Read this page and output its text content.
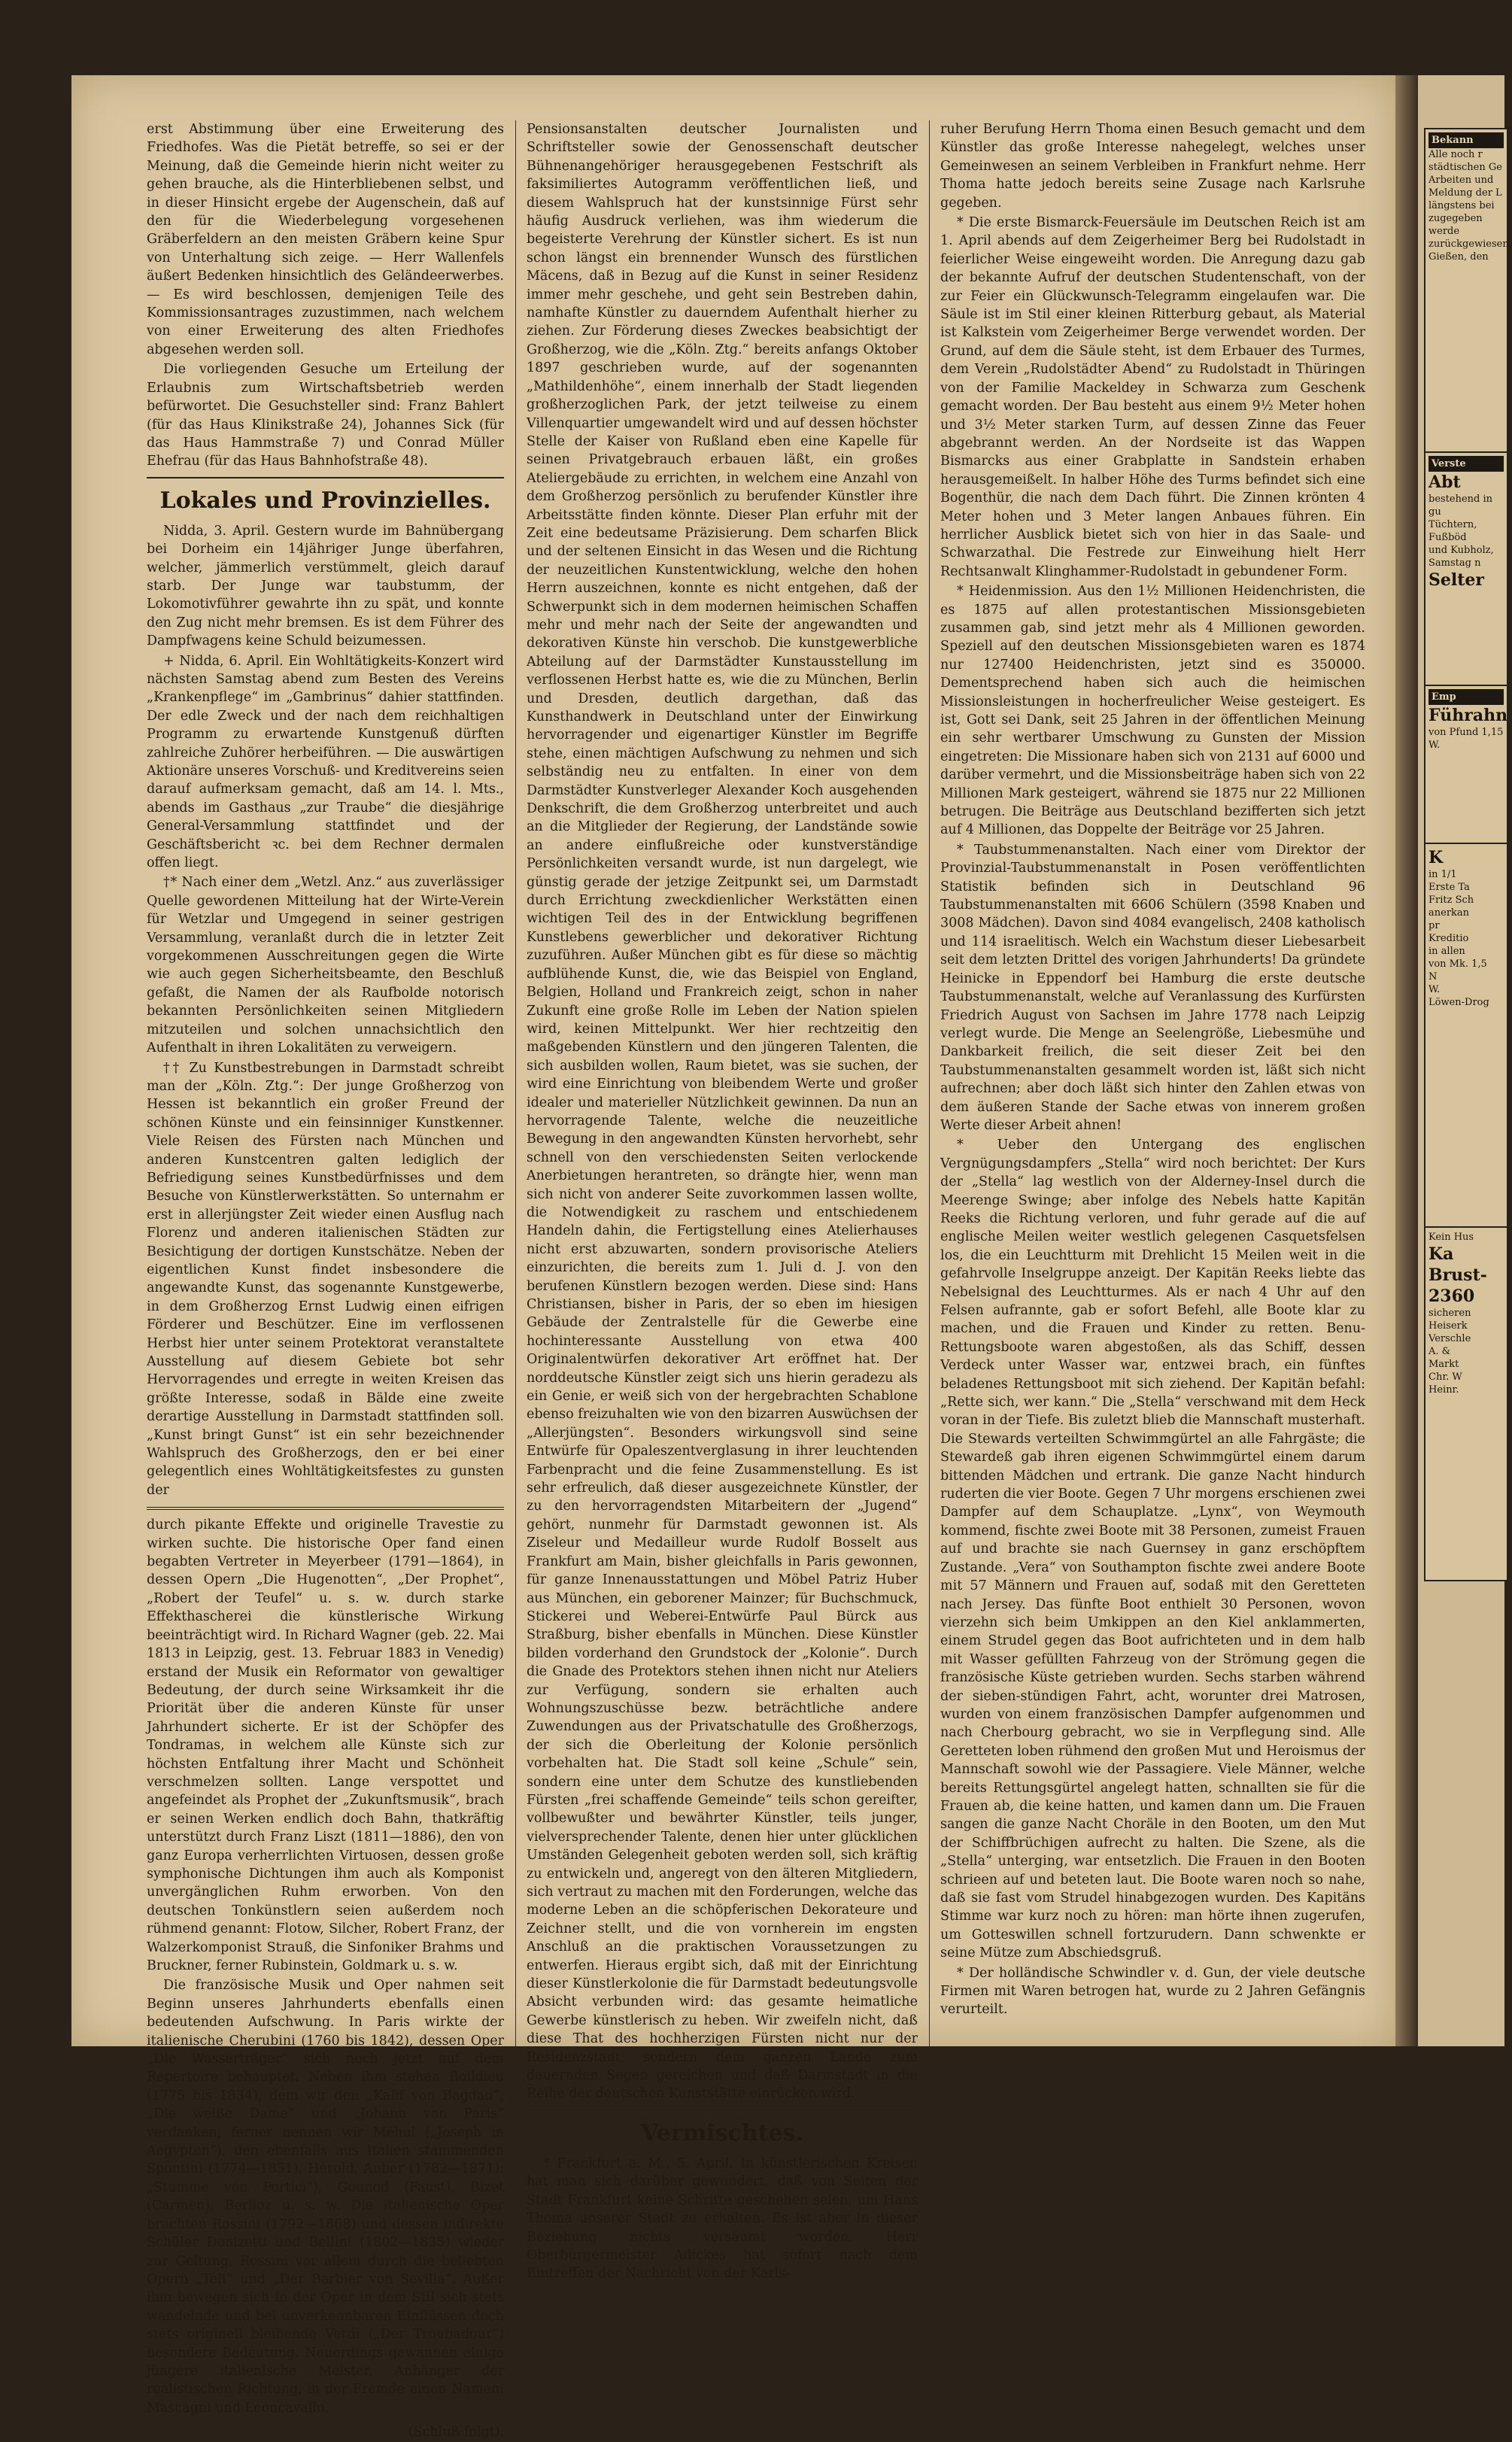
erst Abstimmung über eine Erweiterung des Friedhofes. Was die Pietät betreffe, so sei er der Meinung, daß die Gemeinde hierin nicht weiter zu gehen brauche, als die Hinterbliebenen selbst, und in dieser Hinsicht ergebe der Augenschein, daß auf den für die Wiederbelegung vorgesehenen Gräberfeldern an den meisten Gräbern keine Spur von Unterhaltung sich zeige. — Herr Wallenfels äußert Bedenken hinsichtlich des Geländeerwerbes. — Es wird beschlossen, demjenigen Teile des Kommissionsantrages zuzustimmen, nach welchem von einer Erweiterung des alten Friedhofes abgesehen werden soll.

Die vorliegenden Gesuche um Erteilung der Erlaubnis zum Wirtschaftsbetrieb werden befürwortet. Die Gesuchsteller sind: Franz Bahlert (für das Haus Klinikstraße 24), Johannes Sick (für das Haus Hammstraße 7) und Conrad Müller Ehefrau (für das Haus Bahnhofstraße 48).

Lokales und Provinzielles.

Nidda, 3. April. Gestern wurde im Bahnübergang bei Dorheim ein 14jähriger Junge überfahren, welcher, jämmerlich verstümmelt, gleich darauf starb. Der Junge war taubstumm, der Lokomotivführer gewahrte ihn zu spät, und konnte den Zug nicht mehr bremsen. Es ist dem Führer des Dampfwagens keine Schuld beizumessen.

+ Nidda, 6. April. Ein Wohltätigkeits-Konzert wird nächsten Samstag abend zum Besten des Vereins „Krankenpflege“ im „Gambrinus“ dahier stattfinden. Der edle Zweck und der nach dem reichhaltigen Programm zu erwartende Kunstgenuß dürften zahlreiche Zuhörer herbeiführen. — Die auswärtigen Aktionäre unseres Vorschuß- und Kreditvereins seien darauf aufmerksam gemacht, daß am 14. l. Mts., abends im Gasthaus „zur Traube“ die diesjährige General-Versammlung stattfindet und der Geschäftsbericht ꝛc. bei dem Rechner dermalen offen liegt.

†* Nach einer dem „Wetzl. Anz.“ aus zuverlässiger Quelle gewordenen Mitteilung hat der Wirte-Verein für Wetzlar und Umgegend in seiner gestrigen Versammlung, veranlaßt durch die in letzter Zeit vorgekommenen Ausschreitungen gegen die Wirte wie auch gegen Sicherheitsbeamte, den Beschluß gefaßt, die Namen der als Raufbolde notorisch bekannten Persönlichkeiten seinen Mitgliedern mitzuteilen und solchen unnachsichtlich den Aufenthalt in ihren Lokalitäten zu verweigern.

†† Zu Kunstbestrebungen in Darmstadt schreibt man der „Köln. Ztg.“: Der junge Großherzog von Hessen ist bekanntlich ein großer Freund der schönen Künste und ein feinsinniger Kunstkenner. Viele Reisen des Fürsten nach München und anderen Kunstcentren galten lediglich der Befriedigung seines Kunstbedürfnisses und dem Besuche von Künstlerwerkstätten. So unternahm er erst in allerjüngster Zeit wieder einen Ausflug nach Florenz und anderen italienischen Städten zur Besichtigung der dortigen Kunstschätze. Neben der eigentlichen Kunst findet insbesondere die angewandte Kunst, das sogenannte Kunstgewerbe, in dem Großherzog Ernst Ludwig einen eifrigen Förderer und Beschützer. Eine im verflossenen Herbst hier unter seinem Protektorat veranstaltete Ausstellung auf diesem Gebiete bot sehr Hervorragendes und erregte in weiten Kreisen das größte Interesse, sodaß in Bälde eine zweite derartige Ausstellung in Darmstadt stattfinden soll. „Kunst bringt Gunst“ ist ein sehr bezeichnender Wahlspruch des Großherzogs, den er bei einer gelegentlich eines Wohltätigkeitsfestes zu gunsten der

durch pikante Effekte und originelle Travestie zu wirken suchte. Die historische Oper fand einen begabten Vertreter in Meyerbeer (1791—1864), in dessen Opern „Die Hugenotten“, „Der Prophet“, „Robert der Teufel“ u. s. w. durch starke Effekthascherei die künstlerische Wirkung beeinträchtigt wird. In Richard Wagner (geb. 22. Mai 1813 in Leipzig, gest. 13. Februar 1883 in Venedig) erstand der Musik ein Reformator von gewaltiger Bedeutung, der durch seine Wirksamkeit ihr die Priorität über die anderen Künste für unser Jahrhundert sicherte. Er ist der Schöpfer des Tondramas, in welchem alle Künste sich zur höchsten Entfaltung ihrer Macht und Schönheit verschmelzen sollten. Lange verspottet und angefeindet als Prophet der „Zukunftsmusik“, brach er seinen Werken endlich doch Bahn, thatkräftig unterstützt durch Franz Liszt (1811—1886), den von ganz Europa verherrlichten Virtuosen, dessen große symphonische Dichtungen ihm auch als Komponist unvergänglichen Ruhm erworben. Von den deutschen Tonkünstlern seien außerdem noch rühmend genannt: Flotow, Silcher, Robert Franz, der Walzerkomponist Strauß, die Sinfoniker Brahms und Bruckner, ferner Rubinstein, Goldmark u. s. w.

Die französische Musik und Oper nahmen seit Beginn unseres Jahrhunderts ebenfalls einen bedeutenden Aufschwung. In Paris wirkte der italienische Cherubini (1760 bis 1842), dessen Oper „Die Wasserträger“ sich noch jetzt auf dem Repertoire behauptet. Neben ihm stehen Boildieu (1775 bis 1834), dem wir den „Kalif von Bagdad“, „Die weiße Dame“ und „Johann von Paris“ verdanken; ferner nennen wir Méhul („Joseph in Aegypten“), den ebenfalls aus Italien stammenden Spontini (1774—1851), Hérold, Auber (1782—1871): „Stumme von Portici“), Gounod (Faust), Bizet (Carmen), Berlioz u. s. w. Die italienische Oper brachten Rossini (1792—1868) und dessen indirekte Schüler Donizetti und Bellini (1802—1835) wieder zur Geltung, Rossini vor allem durch die beliebten Opern „Tell“ und „Der Barbier von Sevilla“. Außer ihm bewegen sich in der Oper in dem Stil sich stets wandelnde und bei unverkennbaren Einflüssen doch stets originell bleibende Verdi („Der Troubadour“) besondere Bedeutung. Neuerdings gewannen einige jüngere italienische Meister, Anhänger der realistischen Richtung, in der Fremde einen Namen: Mascagni und Leoncavallo.

(Schluß folgt).

Pensionsanstalten deutscher Journalisten und Schriftsteller sowie der Genossenschaft deutscher Bühnenangehöriger herausgegebenen Festschrift als faksimiliertes Autogramm veröffentlichen ließ, und diesem Wahlspruch hat der kunstsinnige Fürst sehr häufig Ausdruck verliehen, was ihm wiederum die begeisterte Verehrung der Künstler sichert. Es ist nun schon längst ein brennender Wunsch des fürstlichen Mäcens, daß in Bezug auf die Kunst in seiner Residenz immer mehr geschehe, und geht sein Bestreben dahin, namhafte Künstler zu dauerndem Aufenthalt hierher zu ziehen. Zur Förderung dieses Zweckes beabsichtigt der Großherzog, wie die „Köln. Ztg.“ bereits anfangs Oktober 1897 geschrieben wurde, auf der sogenannten „Mathildenhöhe“, einem innerhalb der Stadt liegenden großherzoglichen Park, der jetzt teilweise zu einem Villenquartier umgewandelt wird und auf dessen höchster Stelle der Kaiser von Rußland eben eine Kapelle für seinen Privatgebrauch erbauen läßt, ein großes Ateliergebäude zu errichten, in welchem eine Anzahl von dem Großherzog persönlich zu berufender Künstler ihre Arbeitsstätte finden könnte. Dieser Plan erfuhr mit der Zeit eine bedeutsame Präzisierung. Dem scharfen Blick und der seltenen Einsicht in das Wesen und die Richtung der neuzeitlichen Kunstentwicklung, welche den hohen Herrn auszeichnen, konnte es nicht entgehen, daß der Schwerpunkt sich in dem modernen heimischen Schaffen mehr und mehr nach der Seite der angewandten und dekorativen Künste hin verschob. Die kunstgewerbliche Abteilung auf der Darmstädter Kunstausstellung im verflossenen Herbst hatte es, wie die zu München, Berlin und Dresden, deutlich dargethan, daß das Kunsthandwerk in Deutschland unter der Einwirkung hervorragender und eigenartiger Künstler im Begriffe stehe, einen mächtigen Aufschwung zu nehmen und sich selbständig neu zu entfalten. In einer von dem Darmstädter Kunstverleger Alexander Koch ausgehenden Denkschrift, die dem Großherzog unterbreitet und auch an die Mitglieder der Regierung, der Landstände sowie an andere einflußreiche oder kunstverständige Persönlichkeiten versandt wurde, ist nun dargelegt, wie günstig gerade der jetzige Zeitpunkt sei, um Darmstadt durch Errichtung zweckdienlicher Werkstätten einen wichtigen Teil des in der Entwicklung begriffenen Kunstlebens gewerblicher und dekorativer Richtung zuzuführen. Außer München gibt es für diese so mächtig aufblühende Kunst, die, wie das Beispiel von England, Belgien, Holland und Frankreich zeigt, schon in naher Zukunft eine große Rolle im Leben der Nation spielen wird, keinen Mittelpunkt. Wer hier rechtzeitig den maßgebenden Künstlern und den jüngeren Talenten, die sich ausbilden wollen, Raum bietet, was sie suchen, der wird eine Einrichtung von bleibendem Werte und großer idealer und materieller Nützlichkeit gewinnen. Da nun an hervorragende Talente, welche die neuzeitliche Bewegung in den angewandten Künsten hervorhebt, sehr schnell von den verschiedensten Seiten verlockende Anerbietungen herantreten, so drängte hier, wenn man sich nicht von anderer Seite zuvorkommen lassen wollte, die Notwendigkeit zu raschem und entschiedenem Handeln dahin, die Fertigstellung eines Atelierhauses nicht erst abzuwarten, sondern provisorische Ateliers einzurichten, die bereits zum 1. Juli d. J. von den berufenen Künstlern bezogen werden. Diese sind: Hans Christiansen, bisher in Paris, der so eben im hiesigen Gebäude der Zentralstelle für die Gewerbe eine hochinteressante Ausstellung von etwa 400 Originalentwürfen dekorativer Art eröffnet hat. Der norddeutsche Künstler zeigt sich uns hierin geradezu als ein Genie, er weiß sich von der hergebrachten Schablone ebenso freizuhalten wie von den bizarren Auswüchsen der „Allerjüngsten“. Besonders wirkungsvoll sind seine Entwürfe für Opaleszentverglasung in ihrer leuchtenden Farbenpracht und die feine Zusammenstellung. Es ist sehr erfreulich, daß dieser ausgezeichnete Künstler, der zu den hervorragendsten Mitarbeitern der „Jugend“ gehört, nunmehr für Darmstadt gewonnen ist. Als Ziseleur und Medailleur wurde Rudolf Bosselt aus Frankfurt am Main, bisher gleichfalls in Paris gewonnen, für ganze Innenausstattungen und Möbel Patriz Huber aus München, ein geborener Mainzer; für Buchschmuck, Stickerei und Weberei-Entwürfe Paul Bürck aus Straßburg, bisher ebenfalls in München. Diese Künstler bilden vorderhand den Grundstock der „Kolonie“. Durch die Gnade des Protektors stehen ihnen nicht nur Ateliers zur Verfügung, sondern sie erhalten auch Wohnungszuschüsse bezw. beträchtliche andere Zuwendungen aus der Privatschatulle des Großherzogs, der sich die Oberleitung der Kolonie persönlich vorbehalten hat. Die Stadt soll keine „Schule“ sein, sondern eine unter dem Schutze des kunstliebenden Fürsten „frei schaffende Gemeinde“ teils schon gereifter, vollbewußter und bewährter Künstler, teils junger, vielversprechender Talente, denen hier unter glücklichen Umständen Gelegenheit geboten werden soll, sich kräftig zu entwickeln und, angeregt von den älteren Mitgliedern, sich vertraut zu machen mit den Forderungen, welche das moderne Leben an die schöpferischen Dekorateure und Zeichner stellt, und die von vornherein im engsten Anschluß an die praktischen Voraussetzungen zu entwerfen. Hieraus ergibt sich, daß mit der Einrichtung dieser Künstlerkolonie die für Darmstadt bedeutungsvolle Absicht verbunden wird: das gesamte heimatliche Gewerbe künstlerisch zu heben. Wir zweifeln nicht, daß diese That des hochherzigen Fürsten nicht nur der Residenzstadt, sondern dem ganzen Lande zum dauernden Segen gereichen und daß Darmstadt in die Reihe der deutschen Kunststätte einrücken wird.

Vermischtes.

* Frankfurt a. M., 5. April. In künstlerischen Kreisen hat man sich darüber gewundert, daß von Seiten der Stadt Frankfurt keine Schritte geschehen seien, um Hans Thoma unserer Stadt zu erhalten. Es ist aber in dieser Beziehung nichts versäumt worden. Herr Oberbürgermeister Adickes hat sofort nach dem Eintreffen der Nachricht von der Karls-

ruher Berufung Herrn Thoma einen Besuch gemacht und dem Künstler das große Interesse nahegelegt, welches unser Gemeinwesen an seinem Verbleiben in Frankfurt nehme. Herr Thoma hatte jedoch bereits seine Zusage nach Karlsruhe gegeben.

* Die erste Bismarck-Feuersäule im Deutschen Reich ist am 1. April abends auf dem Zeigerheimer Berg bei Rudolstadt in feierlicher Weise eingeweiht worden. Die Anregung dazu gab der bekannte Aufruf der deutschen Studentenschaft, von der zur Feier ein Glückwunsch-Telegramm eingelaufen war. Die Säule ist im Stil einer kleinen Ritterburg gebaut, als Material ist Kalkstein vom Zeigerheimer Berge verwendet worden. Der Grund, auf dem die Säule steht, ist dem Erbauer des Turmes, dem Verein „Rudolstädter Abend“ zu Rudolstadt in Thüringen von der Familie Mackeldey in Schwarza zum Geschenk gemacht worden. Der Bau besteht aus einem 9½ Meter hohen und 3½ Meter starken Turm, auf dessen Zinne das Feuer abgebrannt werden. An der Nordseite ist das Wappen Bismarcks aus einer Grabplatte in Sandstein erhaben herausgemeißelt. In halber Höhe des Turms befindet sich eine Bogenthür, die nach dem Dach führt. Die Zinnen krönten 4 Meter hohen und 3 Meter langen Anbaues führen. Ein herrlicher Ausblick bietet sich von hier in das Saale- und Schwarzathal. Die Festrede zur Einweihung hielt Herr Rechtsanwalt Klinghammer-Rudolstadt in gebundener Form.

* Heidenmission. Aus den 1½ Millionen Heidenchristen, die es 1875 auf allen protestantischen Missionsgebieten zusammen gab, sind jetzt mehr als 4 Millionen geworden. Speziell auf den deutschen Missionsgebieten waren es 1874 nur 127400 Heidenchristen, jetzt sind es 350000. Dementsprechend haben sich auch die heimischen Missionsleistungen in hocherfreulicher Weise gesteigert. Es ist, Gott sei Dank, seit 25 Jahren in der öffentlichen Meinung ein sehr wertbarer Umschwung zu Gunsten der Mission eingetreten: Die Missionare haben sich von 2131 auf 6000 und darüber vermehrt, und die Missionsbeiträge haben sich von 22 Millionen Mark gesteigert, während sie 1875 nur 22 Millionen betrugen. Die Beiträge aus Deutschland bezifferten sich jetzt auf 4 Millionen, das Doppelte der Beiträge vor 25 Jahren.

* Taubstummenanstalten. Nach einer vom Direktor der Provinzial-Taubstummenanstalt in Posen veröffentlichten Statistik befinden sich in Deutschland 96 Taubstummenanstalten mit 6606 Schülern (3598 Knaben und 3008 Mädchen). Davon sind 4084 evangelisch, 2408 katholisch und 114 israelitisch. Welch ein Wachstum dieser Liebesarbeit seit dem letzten Drittel des vorigen Jahrhunderts! Da gründete Heinicke in Eppendorf bei Hamburg die erste deutsche Taubstummenanstalt, welche auf Veranlassung des Kurfürsten Friedrich August von Sachsen im Jahre 1778 nach Leipzig verlegt wurde. Die Menge an Seelengröße, Liebesmühe und Dankbarkeit freilich, die seit dieser Zeit bei den Taubstummenanstalten gesammelt worden ist, läßt sich nicht aufrechnen; aber doch läßt sich hinter den Zahlen etwas von dem äußeren Stande der Sache etwas von innerem großen Werte dieser Arbeit ahnen!

* Ueber den Untergang des englischen Vergnügungsdampfers „Stella“ wird noch berichtet: Der Kurs der „Stella“ lag westlich von der Alderney-Insel durch die Meerenge Swinge; aber infolge des Nebels hatte Kapitän Reeks die Richtung verloren, und fuhr gerade auf die auf englische Meilen weiter westlich gelegenen Casquetsfelsen los, die ein Leuchtturm mit Drehlicht 15 Meilen weit in die gefahrvolle Inselgruppe anzeigt. Der Kapitän Reeks liebte das Nebelsignal des Leuchtturmes. Als er nach 4 Uhr auf den Felsen aufrannte, gab er sofort Befehl, alle Boote klar zu machen, und die Frauen und Kinder zu retten. Benu-Rettungsboote waren abgestoßen, als das Schiff, dessen Verdeck unter Wasser war, entzwei brach, ein fünftes beladenes Rettungsboot mit sich ziehend. Der Kapitän befahl: „Rette sich, wer kann.“ Die „Stella“ verschwand mit dem Heck voran in der Tiefe. Bis zuletzt blieb die Mannschaft musterhaft. Die Stewards verteilten Schwimmgürtel an alle Fahrgäste; die Stewardeß gab ihren eigenen Schwimmgürtel einem darum bittenden Mädchen und ertrank. Die ganze Nacht hindurch ruderten die vier Boote. Gegen 7 Uhr morgens erschienen zwei Dampfer auf dem Schauplatze. „Lynx“, von Weymouth kommend, fischte zwei Boote mit 38 Personen, zumeist Frauen auf und brachte sie nach Guernsey in ganz erschöpftem Zustande. „Vera“ von Southampton fischte zwei andere Boote mit 57 Männern und Frauen auf, sodaß mit den Geretteten nach Jersey. Das fünfte Boot enthielt 30 Personen, wovon vierzehn sich beim Umkippen an den Kiel anklammerten, einem Strudel gegen das Boot aufrichteten und in dem halb mit Wasser gefüllten Fahrzeug von der Strömung gegen die französische Küste getrieben wurden. Sechs starben während der sieben-stündigen Fahrt, acht, worunter drei Matrosen, wurden von einem französischen Dampfer aufgenommen und nach Cherbourg gebracht, wo sie in Verpflegung sind. Alle Geretteten loben rühmend den großen Mut und Heroismus der Mannschaft sowohl wie der Passagiere. Viele Männer, welche bereits Rettungsgürtel angelegt hatten, schnallten sie für die Frauen ab, die keine hatten, und kamen dann um. Die Frauen sangen die ganze Nacht Choräle in den Booten, um den Mut der Schiffbrüchigen aufrecht zu halten. Die Szene, als die „Stella“ unterging, war entsetzlich. Die Frauen in den Booten schrieen auf und beteten laut. Die Boote waren noch so nahe, daß sie fast vom Strudel hinabgezogen wurden. Des Kapitäns Stimme war kurz noch zu hören: man hörte ihnen zugerufen, um Gotteswillen schnell fortzurudern. Dann schwenkte er seine Mütze zum Abschiedsgruß.

* Der holländische Schwindler v. d. Gun, der viele deutsche Firmen mit Waren betrogen hat, wurde zu 2 Jahren Gefängnis verurteilt.

Bekann
Alle noch r
städtischen Ge
Arbeiten und
Meldung der L
längstens bei
zugegeben werde
zurückgewiesen.
Gießen, den
Verste
Abt
bestehend in gu
Tüchtern, Fußböd
und Kubholz,
Samstag n
Selter
Emp
Führahn
von Pfund 1,15
W.
K
in 1/1
Erste Ta
Fritz Sch
anerkan
pr
Kreditio
in allen
von Mk. 1,5
N
W.
Löwen-Drog
Kein Hus
Ka
Brust-
2360
sicheren
Heiserk
Verschle
A. &
Markt
Chr. W
Heinr.
